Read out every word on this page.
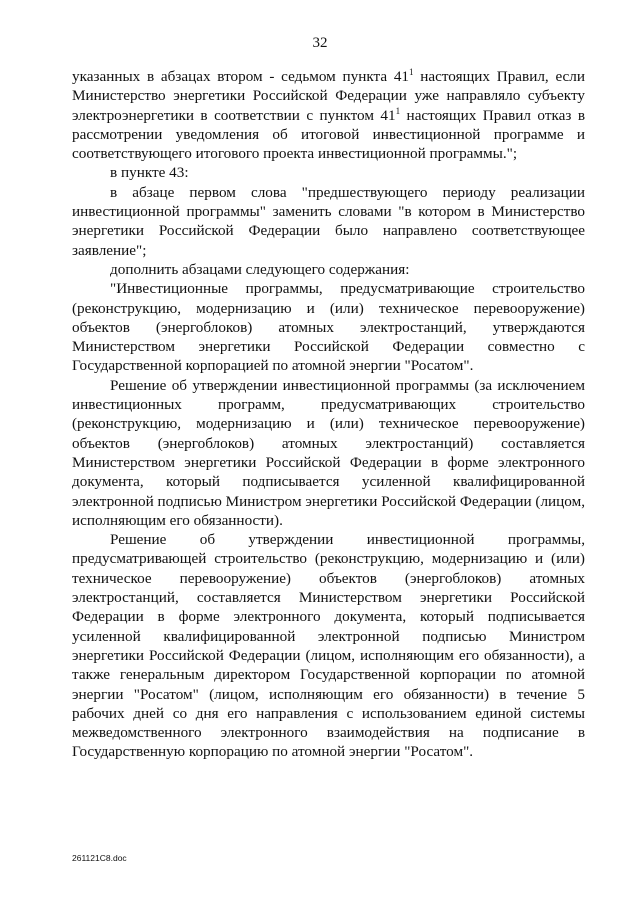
32

указанных в абзацах втором - седьмом пункта $41^1$ настоящих Правил, если Министерство энергетики Российской Федерации уже направляло субъекту электроэнергетики в соответствии с пунктом $41^1$ настоящих Правил отказ в рассмотрении уведомления об итоговой инвестиционной программе и соответствующего итогового проекта инвестиционной программы.";

в пункте 43:

в абзаце первом слова "предшествующего периоду реализации инвестиционной программы" заменить словами "в котором в Министерство энергетики Российской Федерации было направлено соответствующее заявление";

дополнить абзацами следующего содержания:

"Инвестиционные программы, предусматривающие строительство (реконструкцию, модернизацию и (или) техническое перевооружение) объектов (энергоблоков) атомных электростанций, утверждаются Министерством энергетики Российской Федерации совместно с Государственной корпорацией по атомной энергии "Росатом".

Решение об утверждении инвестиционной программы (за исключением инвестиционных программ, предусматривающих строительство (реконструкцию, модернизацию и (или) техническое перевооружение) объектов (энергоблоков) атомных электростанций) составляется Министерством энергетики Российской Федерации в форме электронного документа, который подписывается усиленной квалифицированной электронной подписью Министром энергетики Российской Федерации (лицом, исполняющим его обязанности).

Решение об утверждении инвестиционной программы, предусматривающей строительство (реконструкцию, модернизацию и (или) техническое перевооружение) объектов (энергоблоков) атомных электростанций, составляется Министерством энергетики Российской Федерации в форме электронного документа, который подписывается усиленной квалифицированной электронной подписью Министром энергетики Российской Федерации (лицом, исполняющим его обязанности), а также генеральным директором Государственной корпорации по атомной энергии "Росатом" (лицом, исполняющим его обязанности) в течение 5 рабочих дней со дня его направления с использованием единой системы межведомственного электронного взаимодействия на подписание в Государственную корпорацию по атомной энергии "Росатом".

261121C8.doc
